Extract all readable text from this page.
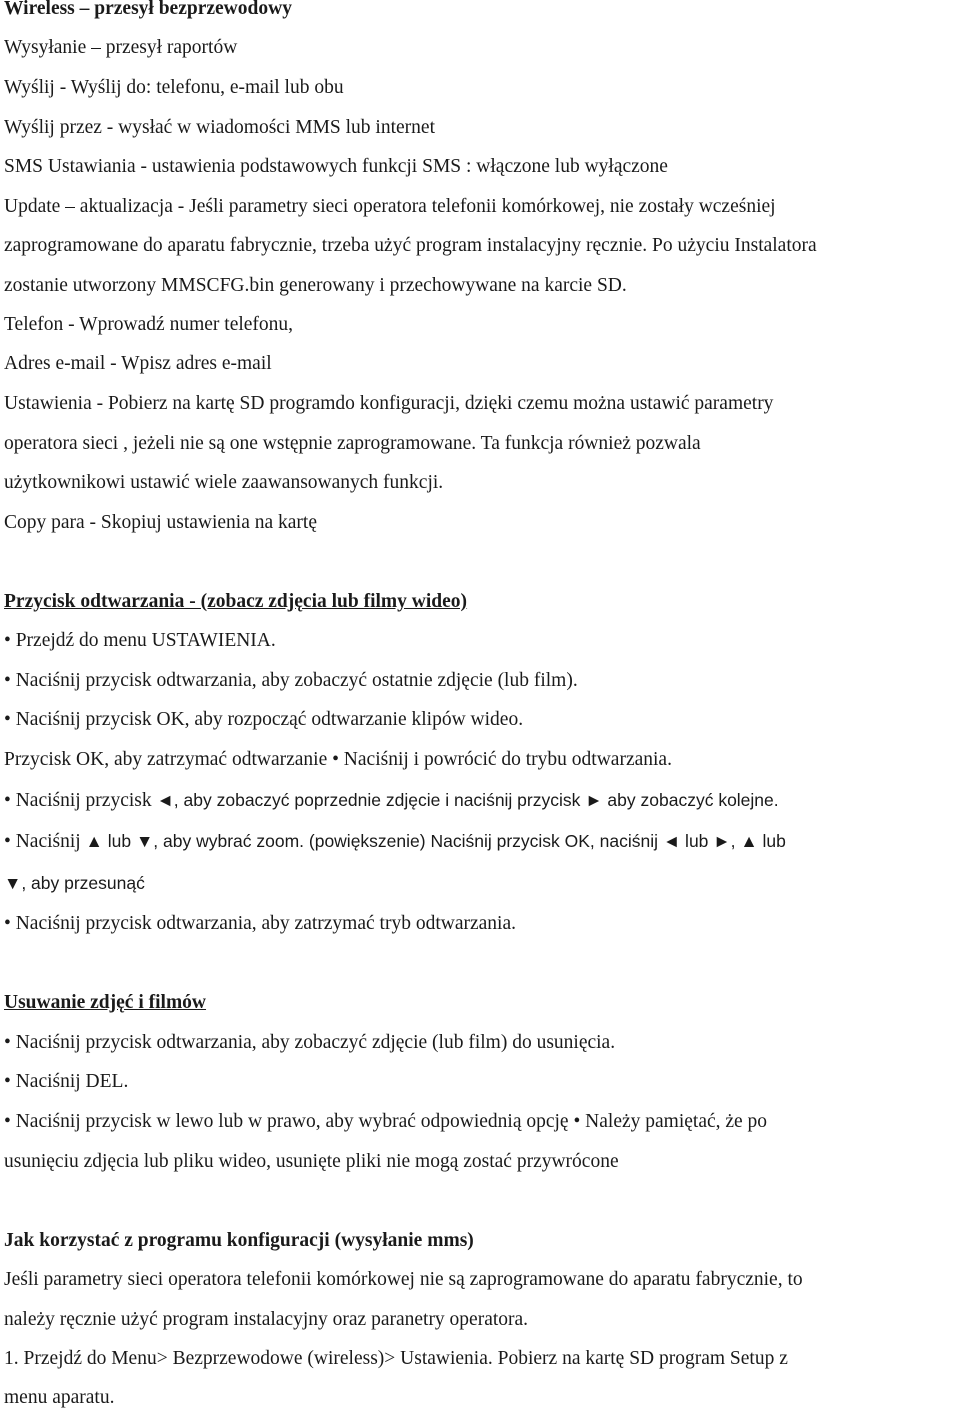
Wireless – przesył bezprzewodowy
Wysyłanie – przesył raportów
Wyślij - Wyślij do: telefonu, e-mail lub obu
Wyślij przez - wysłać w wiadomości MMS lub internet
SMS Ustawiania - ustawienia podstawowych funkcji SMS : włączone lub wyłączone
Update – aktualizacja - Jeśli parametry sieci operatora telefonii komórkowej, nie zostały wcześniej
zaprogramowane do aparatu fabrycznie, trzeba użyć program instalacyjny ręcznie. Po użyciu Instalatora
zostanie utworzony MMSCFG.bin generowany i przechowywane na karcie SD.
Telefon - Wprowadź numer telefonu,
Adres e-mail - Wpisz adres e-mail
Ustawienia - Pobierz na kartę SD programdo konfiguracji, dzięki czemu można ustawić parametry
operatora sieci , jeżeli nie są one wstępnie zaprogramowane. Ta funkcja również pozwala
użytkownikowi ustawić wiele zaawansowanych funkcji.
Copy para - Skopiuj ustawienia na kartę
Przycisk odtwarzania - (zobacz zdjęcia lub filmy wideo)
• Przejdź do menu USTAWIENIA.
• Naciśnij przycisk odtwarzania, aby zobaczyć ostatnie zdjęcie (lub film).
• Naciśnij przycisk OK, aby rozpocząć odtwarzanie klipów wideo.
Przycisk OK, aby zatrzymać odtwarzanie • Naciśnij i powrócić do trybu odtwarzania.
• Naciśnij przycisk ◄, aby zobaczyć poprzednie zdjęcie i naciśnij przycisk ► aby zobaczyć kolejne.
• Naciśnij ▲ lub ▼, aby wybrać zoom. (powiększenie) Naciśnij przycisk OK, naciśnij ◄ lub ►, ▲ lub
▼, aby przesunąć
• Naciśnij przycisk odtwarzania, aby zatrzymać tryb odtwarzania.
Usuwanie zdjęć i filmów
• Naciśnij przycisk odtwarzania, aby zobaczyć zdjęcie (lub film) do usunięcia.
• Naciśnij DEL.
• Naciśnij przycisk w lewo lub w prawo, aby wybrać odpowiednią opcję • Należy pamiętać, że po
usunięciu zdjęcia lub pliku wideo, usunięte pliki nie mogą zostać przywrócone
Jak korzystać z programu konfiguracji (wysyłanie mms)
Jeśli parametry sieci operatora telefonii komórkowej nie są zaprogramowane do aparatu fabrycznie, to
należy ręcznie użyć program instalacyjny oraz paranetry operatora.
1. Przejdź do Menu> Bezprzewodowe (wireless)> Ustawienia. Pobierz na kartę SD program Setup z
menu aparatu.
